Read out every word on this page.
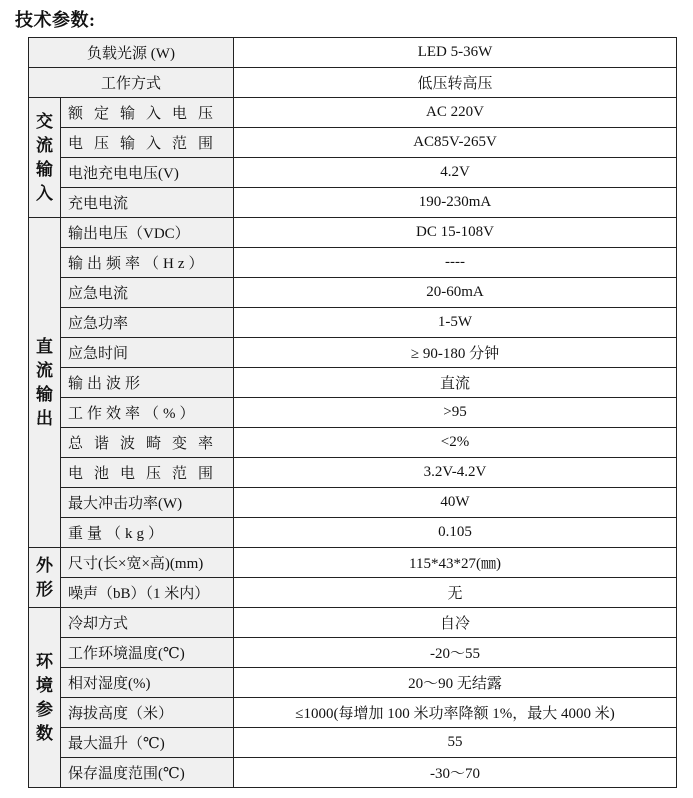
技术参数:
负载光源 (W)		LED 5-36W
工作方式		低压转高压

交
流
输
入	额定输入电压	AC 220V
	电压输入范围	AC85V-265V
	电池充电电压(V)	4.2V
	充电电流	190-230mA

直
流
输
出	输出电压（VDC）	DC 15-108V
	输出频率（Hz）	----
	应急电流	20-60mA
	应急功率	1-5W
	应急时间	≥ 90-180 分钟
	输出波形	直流
	工作效率（%）	>95
	总谐波畸变率	<2%
	电池电压范围	3.2V-4.2V
	最大冲击功率(W)	40W
	重量（kg）	0.105

外
形	尺寸(长×宽×高)(mm)	115*43*27(㎜)
	噪声（bB）（1 米内）	无

环
境
参
数	冷却方式	自冷
	工作环境温度(℃)	-20～55
	相对湿度(%)	20～90 无结露
	海拔高度（米）	≤1000(每增加 100 米功率降额 1%，最大 4000 米)
	最大温升（℃)	55
	保存温度范围(℃)	-30～70
